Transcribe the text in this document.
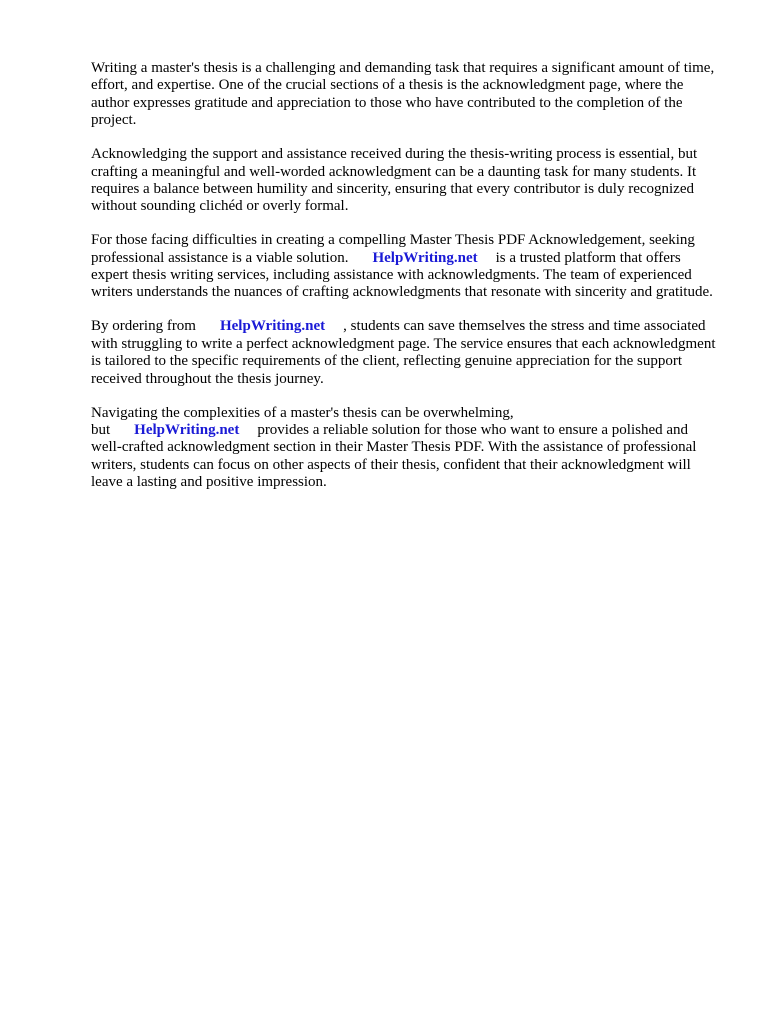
Writing a master's thesis is a challenging and demanding task that requires a significant amount of time, effort, and expertise. One of the crucial sections of a thesis is the acknowledgment page, where the author expresses gratitude and appreciation to those who have contributed to the completion of the project.

Acknowledging the support and assistance received during the thesis-writing process is essential, but crafting a meaningful and well-worded acknowledgment can be a daunting task for many students. It requires a balance between humility and sincerity, ensuring that every contributor is duly recognized without sounding clichéd or overly formal.

For those facing difficulties in creating a compelling Master Thesis PDF Acknowledgement, seeking professional assistance is a viable solution. HelpWriting.net is a trusted platform that offers expert thesis writing services, including assistance with acknowledgments. The team of experienced writers understands the nuances of crafting acknowledgments that resonate with sincerity and gratitude.

By ordering from HelpWriting.net , students can save themselves the stress and time associated with struggling to write a perfect acknowledgment page. The service ensures that each acknowledgment is tailored to the specific requirements of the client, reflecting genuine appreciation for the support received throughout the thesis journey.

Navigating the complexities of a master's thesis can be overwhelming, but HelpWriting.net provides a reliable solution for those who want to ensure a polished and well-crafted acknowledgment section in their Master Thesis PDF. With the assistance of professional writers, students can focus on other aspects of their thesis, confident that their acknowledgment will leave a lasting and positive impression.
